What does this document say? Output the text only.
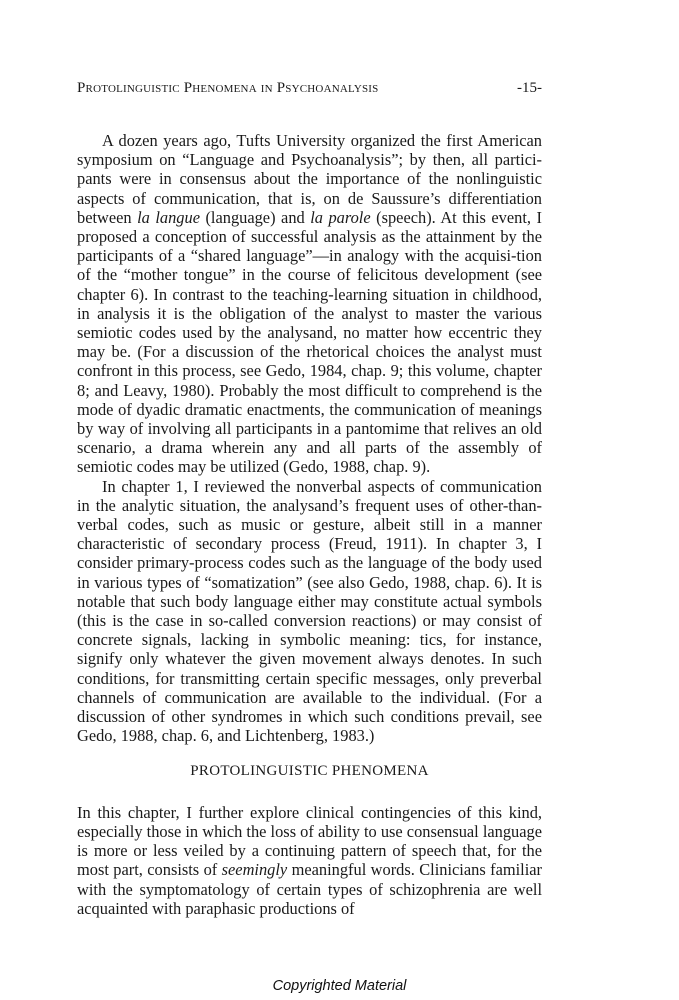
Protolinguistic Phenomena in Psychoanalysis	-15-

A dozen years ago, Tufts University organized the first American symposium on “Language and Psychoanalysis”; by then, all partici-pants were in consensus about the importance of the nonlinguistic aspects of communication, that is, on de Saussure’s differentiation between la langue (language) and la parole (speech). At this event, I proposed a conception of successful analysis as the attainment by the participants of a “shared language”—in analogy with the acquisi-tion of the “mother tongue” in the course of felicitous development (see chapter 6). In contrast to the teaching-learning situation in childhood, in analysis it is the obligation of the analyst to master the various semiotic codes used by the analysand, no matter how eccentric they may be. (For a discussion of the rhetorical choices the analyst must confront in this process, see Gedo, 1984, chap. 9; this volume, chapter 8; and Leavy, 1980). Probably the most difficult to comprehend is the mode of dyadic dramatic enactments, the communication of meanings by way of involving all participants in a pantomime that relives an old scenario, a drama wherein any and all parts of the assembly of semiotic codes may be utilized (Gedo, 1988, chap. 9).

In chapter 1, I reviewed the nonverbal aspects of communication in the analytic situation, the analysand’s frequent uses of other-than-verbal codes, such as music or gesture, albeit still in a manner characteristic of secondary process (Freud, 1911). In chapter 3, I consider primary-process codes such as the language of the body used in various types of “somatization” (see also Gedo, 1988, chap. 6). It is notable that such body language either may constitute actual symbols (this is the case in so-called conversion reactions) or may consist of concrete signals, lacking in symbolic meaning: tics, for instance, signify only whatever the given movement always denotes. In such conditions, for transmitting certain specific messages, only preverbal channels of communication are available to the individual. (For a discussion of other syndromes in which such conditions prevail, see Gedo, 1988, chap. 6, and Lichtenberg, 1983.)

PROTOLINGUISTIC PHENOMENA

In this chapter, I further explore clinical contingencies of this kind, especially those in which the loss of ability to use consensual language is more or less veiled by a continuing pattern of speech that, for the most part, consists of seemingly meaningful words. Clinicians familiar with the symptomatology of certain types of schizophrenia are well acquainted with paraphasic productions of

Copyrighted Material
